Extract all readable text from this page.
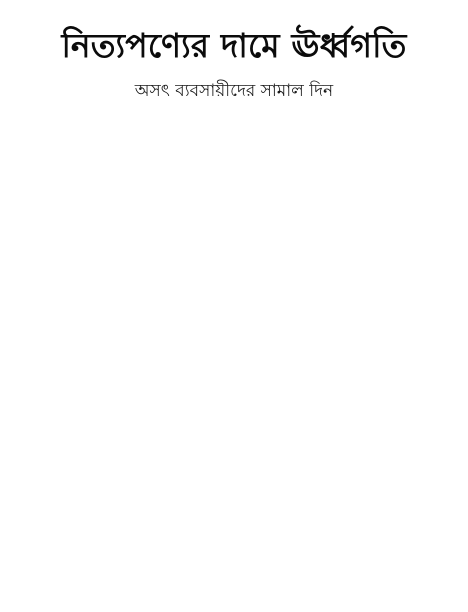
নিত্যপণ্যের দামে ঊর্ধ্বগতি
অসৎ ব্যবসায়ীদের সামাল দিন
